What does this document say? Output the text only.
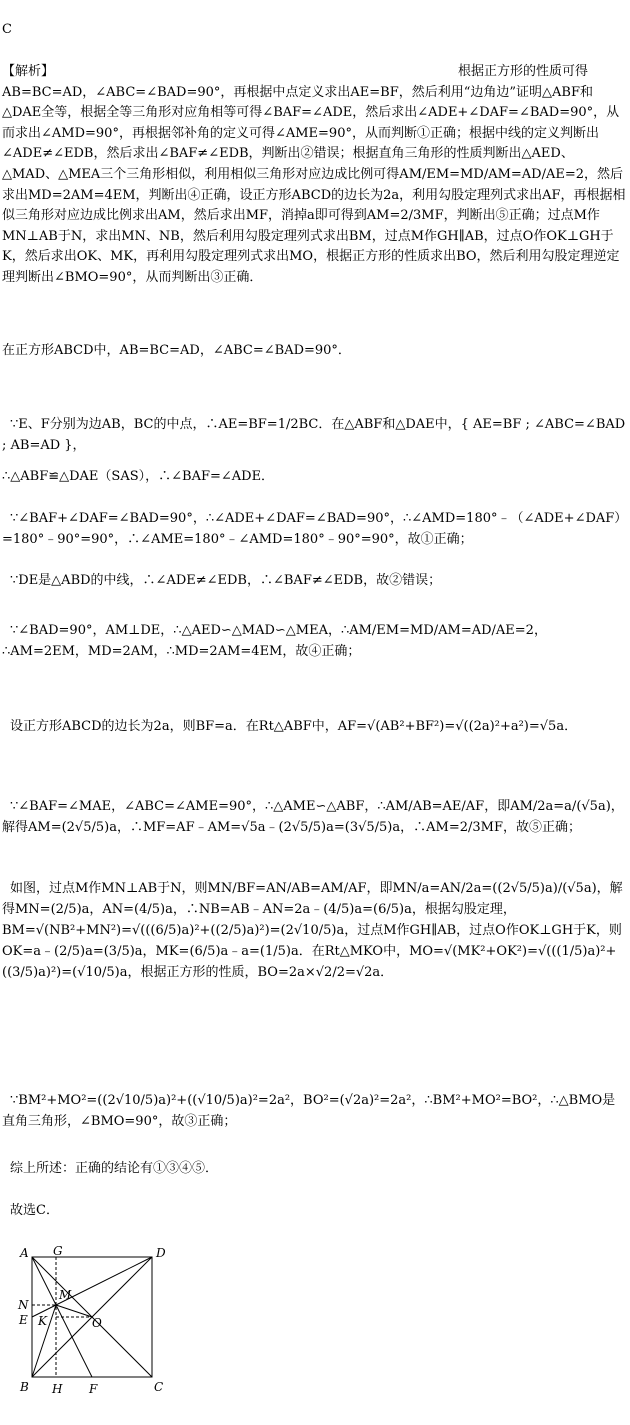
C
【解析】	根据正方形的性质可得AB=BC=AD，∠ABC=∠BAD=90°，再根据中点定义求出AE=BF，然后利用“边角边”证明△ABF和△DAE全等，根据全等三角形对应角相等可得∠BAF=∠ADE，然后求出∠ADE+∠DAF=∠BAD=90°，从而求出∠AMD=90°，再根据邻补角的定义可得∠AME=90°，从而判断①正确；根据中线的定义判断出∠ADE≠∠EDB，然后求出∠BAF≠∠EDB，判断出②错误；根据直角三角形的性质判断出△AED、△MAD、△MEA三个三角形相似，利用相似三角形对应边成比例可得AM/EM=MD/AM=AD/AE=2，然后求出MD=2AM=4EM，判断出④正确，设正方形ABCD的边长为2a，利用勾股定理列式求出AF，再根据相似三角形对应边成比例求出AM，然后求出MF，消掉a即可得到AM=2/3MF，判断出⑤正确；过点M作MN⊥AB于N，求出MN、NB，然后利用勾股定理列式求出BM，过点M作GH∥AB，过点O作OK⊥GH于K，然后求出OK、MK，再利用勾股定理列式求出MO，根据正方形的性质求出BO，然后利用勾股定理逆定理判断出∠BMO=90°，从而判断出③正确．
在正方形ABCD中，AB=BC=AD，∠ABC=∠BAD=90°．
∵E、F分别为边AB，BC的中点，∴AE=BF=1/2BC．在△ABF和△DAE中，{ AE=BF ; ∠ABC=∠BAD ; AB=AD }，
∴△ABF≌△DAE（SAS），∴∠BAF=∠ADE．
∵∠BAF+∠DAF=∠BAD=90°，∴∠ADE+∠DAF=∠BAD=90°，∴∠AMD=180°﹣（∠ADE+∠DAF）=180°﹣90°=90°，∴∠AME=180°﹣∠AMD=180°﹣90°=90°，故①正确；
∵DE是△ABD的中线，∴∠ADE≠∠EDB，∴∠BAF≠∠EDB，故②错误；
∵∠BAD=90°，AM⊥DE，∴△AED∽△MAD∽△MEA，∴AM/EM=MD/AM=AD/AE=2，∴AM=2EM，MD=2AM，∴MD=2AM=4EM，故④正确；
设正方形ABCD的边长为2a，则BF=a．在Rt△ABF中，AF=√(AB²+BF²)=√((2a)²+a²)=√5a．
∵∠BAF=∠MAE，∠ABC=∠AME=90°，∴△AME∽△ABF，∴AM/AB=AE/AF，即AM/2a=a/(√5a)，解得AM=(2√5/5)a，∴MF=AF﹣AM=√5a﹣(2√5/5)a=(3√5/5)a，∴AM=2/3MF，故⑤正确；
如图，过点M作MN⊥AB于N，则MN/BF=AN/AB=AM/AF，即MN/a=AN/2a=((2√5/5)a)/(√5a)，解得MN=(2/5)a，AN=(4/5)a，∴NB=AB﹣AN=2a﹣(4/5)a=(6/5)a，根据勾股定理，BM=√(NB²+MN²)=√(((6/5)a)²+((2/5)a)²)=(2√10/5)a，过点M作GH∥AB，过点O作OK⊥GH于K，则OK=a﹣(2/5)a=(3/5)a，MK=(6/5)a﹣a=(1/5)a．在Rt△MKO中，MO=√(MK²+OK²)=√(((1/5)a)²+((3/5)a)²)=(√10/5)a，根据正方形的性质，BO=2a×√2/2=√2a．
∵BM²+MO²=((2√10/5)a)²+((√10/5)a)²=2a²，BO²=(√2a)²=2a²，∴BM²+MO²=BO²，∴△BMO是直角三角形，∠BMO=90°，故③正确；
综上所述：正确的结论有①③④⑤．
故选C．
A
B	C
D
E
F
G
H
K
M
N
O
